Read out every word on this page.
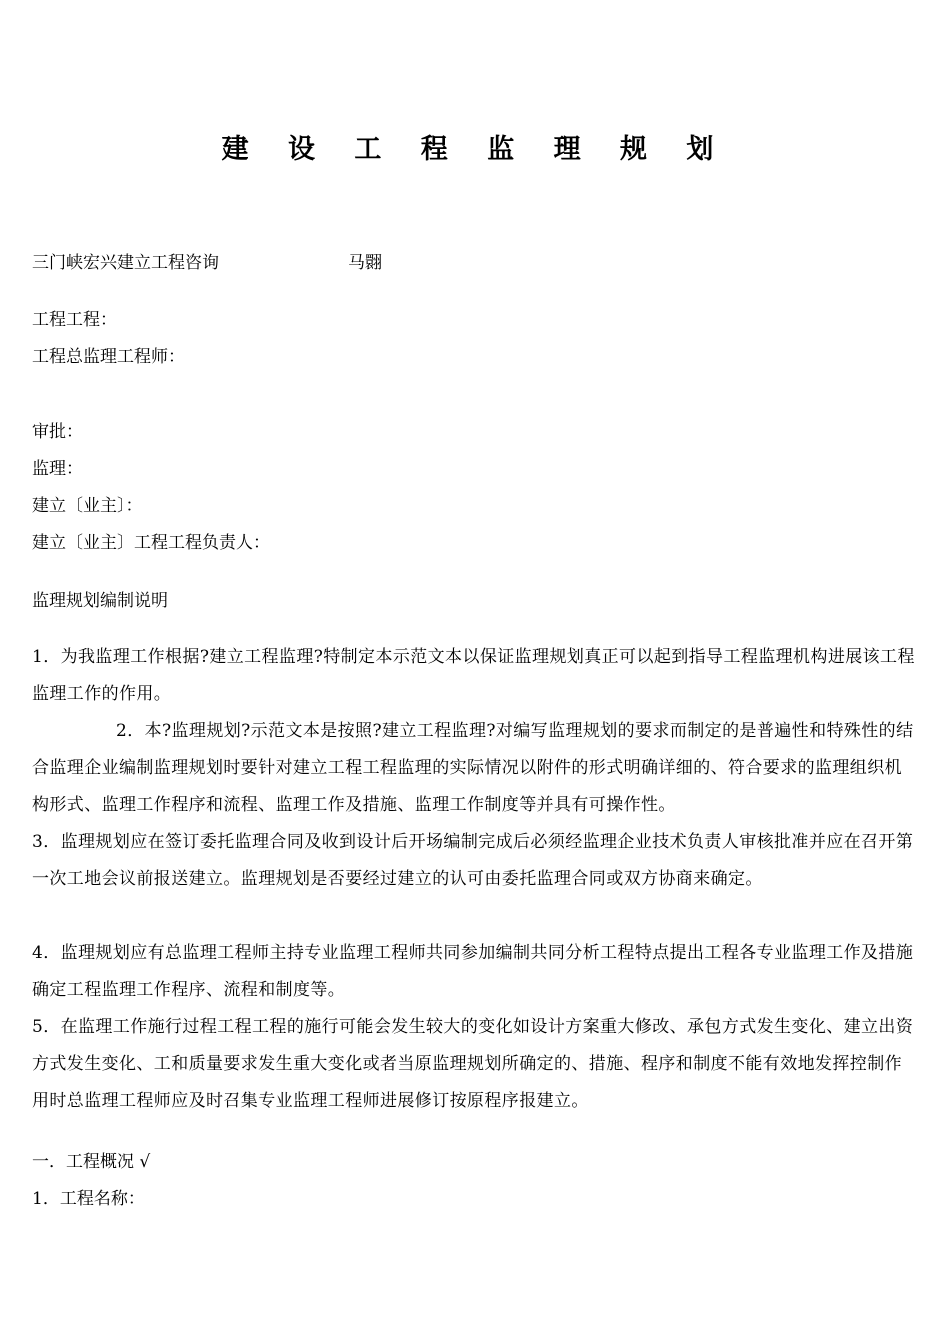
建 设 工 程 监 理 规 划
三门峡宏兴建立工程咨询	马翾
工程工程：
工程总监理工程师：
审批：
监理：
建立〔业主〕：
建立〔业主〕工程工程负责人：
监理规划编制说明
1．为我监理工作根据?建立工程监理?特制定本示范文本以保证监理规划真正可以起到指导工程监理机构进展该工程监理工作的作用。
2．本?监理规划?示范文本是按照?建立工程监理?对编写监理规划的要求而制定的是普遍性和特殊性的结合监理企业编制监理规划时要针对建立工程工程监理的实际情况以附件的形式明确详细的、符合要求的监理组织机构形式、监理工作程序和流程、监理工作及措施、监理工作制度等并具有可操作性。
3．监理规划应在签订委托监理合同及收到设计后开场编制完成后必须经监理企业技术负责人审核批准并应在召开第一次工地会议前报送建立。监理规划是否要经过建立的认可由委托监理合同或双方协商来确定。
4．监理规划应有总监理工程师主持专业监理工程师共同参加编制共同分析工程特点提出工程各专业监理工作及措施确定工程监理工作程序、流程和制度等。
5．在监理工作施行过程工程工程的施行可能会发生较大的变化如设计方案重大修改、承包方式发生变化、建立出资方式发生变化、工和质量要求发生重大变化或者当原监理规划所确定的、措施、程序和制度不能有效地发挥控制作用时总监理工程师应及时召集专业监理工程师进展修订按原程序报建立。
一．工程概况 √
1．工程名称：
